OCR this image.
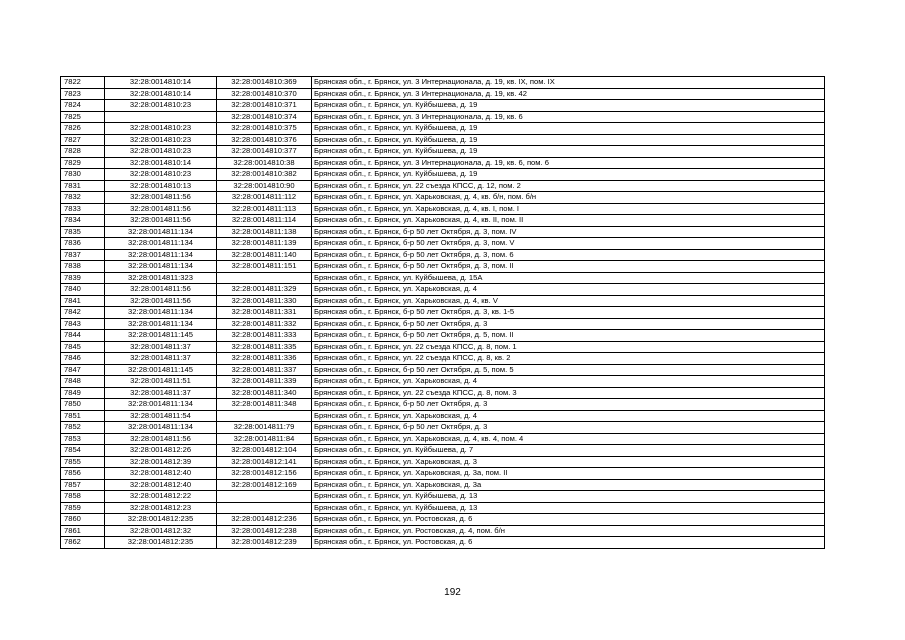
7822	32:28:0014810:14	32:28:0014810:369	Брянская обл., г. Брянск, ул. 3 Интернационала, д. 19, кв. IX, пом. IX
7823	32:28:0014810:14	32:28:0014810:370	Брянская обл., г. Брянск, ул. 3 Интернационала, д. 19, кв. 42
7824	32:28:0014810:23	32:28:0014810:371	Брянская обл., г. Брянск, ул. Куйбышева, д. 19
7825		32:28:0014810:374	Брянская обл., г. Брянск, ул. 3 Интернационала, д. 19, кв. 6
7826	32:28:0014810:23	32:28:0014810:375	Брянская обл., г. Брянск, ул. Куйбышева, д. 19
7827	32:28:0014810:23	32:28:0014810:376	Брянская обл., г. Брянск, ул. Куйбышева, д. 19
7828	32:28:0014810:23	32:28:0014810:377	Брянская обл., г. Брянск, ул. Куйбышева, д. 19
7829	32:28:0014810:14	32:28:0014810:38	Брянская обл., г. Брянск, ул. 3 Интернационала, д. 19, кв. 6, пом. 6
7830	32:28:0014810:23	32:28:0014810:382	Брянская обл., г. Брянск, ул. Куйбышева, д. 19
7831	32:28:0014810:13	32:28:0014810:90	Брянская обл., г. Брянск, ул. 22 съезда КПСС, д. 12, пом. 2
7832	32:28:0014811:56	32:28:0014811:112	Брянская обл., г. Брянск, ул. Харьковская, д. 4, кв. б/н, пом. б/н
7833	32:28:0014811:56	32:28:0014811:113	Брянская обл., г. Брянск, ул. Харьковская, д. 4, кв. I, пом. I
7834	32:28:0014811:56	32:28:0014811:114	Брянская обл., г. Брянск, ул. Харьковская, д. 4, кв. II, пом. II
7835	32:28:0014811:134	32:28:0014811:138	Брянская обл., г. Брянск, б-р 50 лет Октября, д. 3, пом. IV
7836	32:28:0014811:134	32:28:0014811:139	Брянская обл., г. Брянск, б-р 50 лет Октября, д. 3, пом. V
7837	32:28:0014811:134	32:28:0014811:140	Брянская обл., г. Брянск, б-р 50 лет Октября, д. 3, пом. 6
7838	32:28:0014811:134	32:28:0014811:151	Брянская обл., г. Брянск, б-р 50 лет Октября, д. 3, пом. II
7839	32:28:0014811:323		Брянская обл., г. Брянск, ул. Куйбышева, д. 15А
7840	32:28:0014811:56	32:28:0014811:329	Брянская обл., г. Брянск, ул. Харьковская, д. 4
7841	32:28:0014811:56	32:28:0014811:330	Брянская обл., г. Брянск, ул. Харьковская, д. 4, кв. V
7842	32:28:0014811:134	32:28:0014811:331	Брянская обл., г. Брянск, б-р 50 лет Октября, д. 3, кв. 1-5
7843	32:28:0014811:134	32:28:0014811:332	Брянская обл., г. Брянск, б-р 50 лет Октября, д. 3
7844	32:28:0014811:145	32:28:0014811:333	Брянская обл., г. Брянск, б-р 50 лет Октября, д. 5, пом. II
7845	32:28:0014811:37	32:28:0014811:335	Брянская обл., г. Брянск, ул. 22 съезда КПСС, д. 8, пом. 1
7846	32:28:0014811:37	32:28:0014811:336	Брянская обл., г. Брянск, ул. 22 съезда КПСС, д. 8, кв. 2
7847	32:28:0014811:145	32:28:0014811:337	Брянская обл., г. Брянск, б-р 50 лет Октября, д. 5, пом. 5
7848	32:28:0014811:51	32:28:0014811:339	Брянская обл., г. Брянск, ул. Харьковская, д. 4
7849	32:28:0014811:37	32:28:0014811:340	Брянская обл., г. Брянск, ул. 22 съезда КПСС, д. 8, пом. 3
7850	32:28:0014811:134	32:28:0014811:348	Брянская обл., г. Брянск, б-р 50 лет Октября, д. 3
7851	32:28:0014811:54		Брянская обл., г. Брянск, ул. Харьковская, д. 4
7852	32:28:0014811:134	32:28:0014811:79	Брянская обл., г. Брянск, б-р 50 лет Октября, д. 3
7853	32:28:0014811:56	32:28:0014811:84	Брянская обл., г. Брянск, ул. Харьковская, д. 4, кв. 4, пом. 4
7854	32:28:0014812:26	32:28:0014812:104	Брянская обл., г. Брянск, ул. Куйбышева, д. 7
7855	32:28:0014812:39	32:28:0014812:141	Брянская обл., г. Брянск, ул. Харьковская, д. 3
7856	32:28:0014812:40	32:28:0014812:156	Брянская обл., г. Брянск, ул. Харьковская, д. 3а, пом. II
7857	32:28:0014812:40	32:28:0014812:169	Брянская обл., г. Брянск, ул. Харьковская, д. 3а
7858	32:28:0014812:22		Брянская обл., г. Брянск, ул. Куйбышева, д. 13
7859	32:28:0014812:23		Брянская обл., г. Брянск, ул. Куйбышева, д. 13
7860	32:28:0014812:235	32:28:0014812:236	Брянская обл., г. Брянск, ул. Ростовская, д. 6
7861	32:28:0014812:32	32:28:0014812:238	Брянская обл., г. Брянск, ул. Ростовская, д. 4, пом. б/н
7862	32:28:0014812:235	32:28:0014812:239	Брянская обл., г. Брянск, ул. Ростовская, д. 6
192
